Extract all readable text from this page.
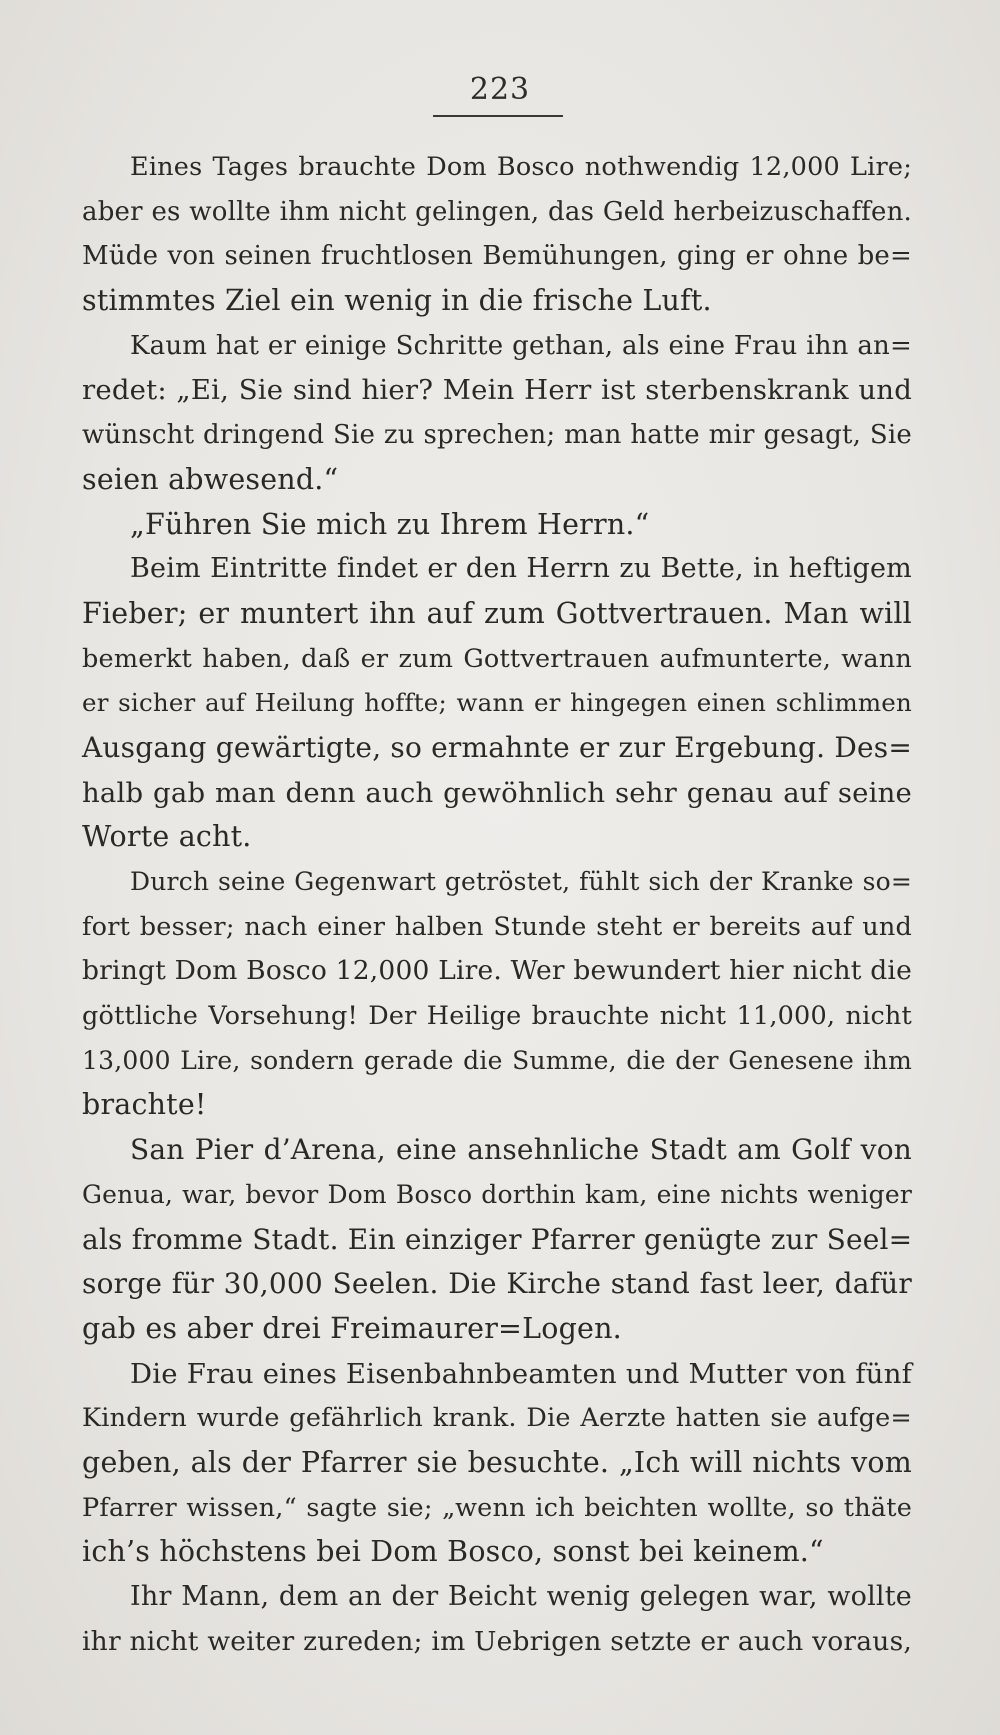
223
Eines Tages brauchte Dom Bosco nothwendig 12,000 Lire;
aber es wollte ihm nicht gelingen, das Geld herbeizuschaffen.
Müde von seinen fruchtlosen Bemühungen, ging er ohne be=
stimmtes Ziel ein wenig in die frische Luft.
Kaum hat er einige Schritte gethan, als eine Frau ihn an=
redet: „Ei, Sie sind hier? Mein Herr ist sterbenskrank und
wünscht dringend Sie zu sprechen; man hatte mir gesagt, Sie
seien abwesend.“
„Führen Sie mich zu Ihrem Herrn.“
Beim Eintritte findet er den Herrn zu Bette, in heftigem
Fieber; er muntert ihn auf zum Gottvertrauen. Man will
bemerkt haben, daß er zum Gottvertrauen aufmunterte, wann
er sicher auf Heilung hoffte; wann er hingegen einen schlimmen
Ausgang gewärtigte, so ermahnte er zur Ergebung. Des=
halb gab man denn auch gewöhnlich sehr genau auf seine
Worte acht.
Durch seine Gegenwart getröstet, fühlt sich der Kranke so=
fort besser; nach einer halben Stunde steht er bereits auf und
bringt Dom Bosco 12,000 Lire. Wer bewundert hier nicht die
göttliche Vorsehung! Der Heilige brauchte nicht 11,000, nicht
13,000 Lire, sondern gerade die Summe, die der Genesene ihm
brachte!
San Pier d’Arena, eine ansehnliche Stadt am Golf von
Genua, war, bevor Dom Bosco dorthin kam, eine nichts weniger
als fromme Stadt. Ein einziger Pfarrer genügte zur Seel=
sorge für 30,000 Seelen. Die Kirche stand fast leer, dafür
gab es aber drei Freimaurer=Logen.
Die Frau eines Eisenbahnbeamten und Mutter von fünf
Kindern wurde gefährlich krank. Die Aerzte hatten sie aufge=
geben, als der Pfarrer sie besuchte. „Ich will nichts vom
Pfarrer wissen,“ sagte sie; „wenn ich beichten wollte, so thäte
ich’s höchstens bei Dom Bosco, sonst bei keinem.“
Ihr Mann, dem an der Beicht wenig gelegen war, wollte
ihr nicht weiter zureden; im Uebrigen setzte er auch voraus,
